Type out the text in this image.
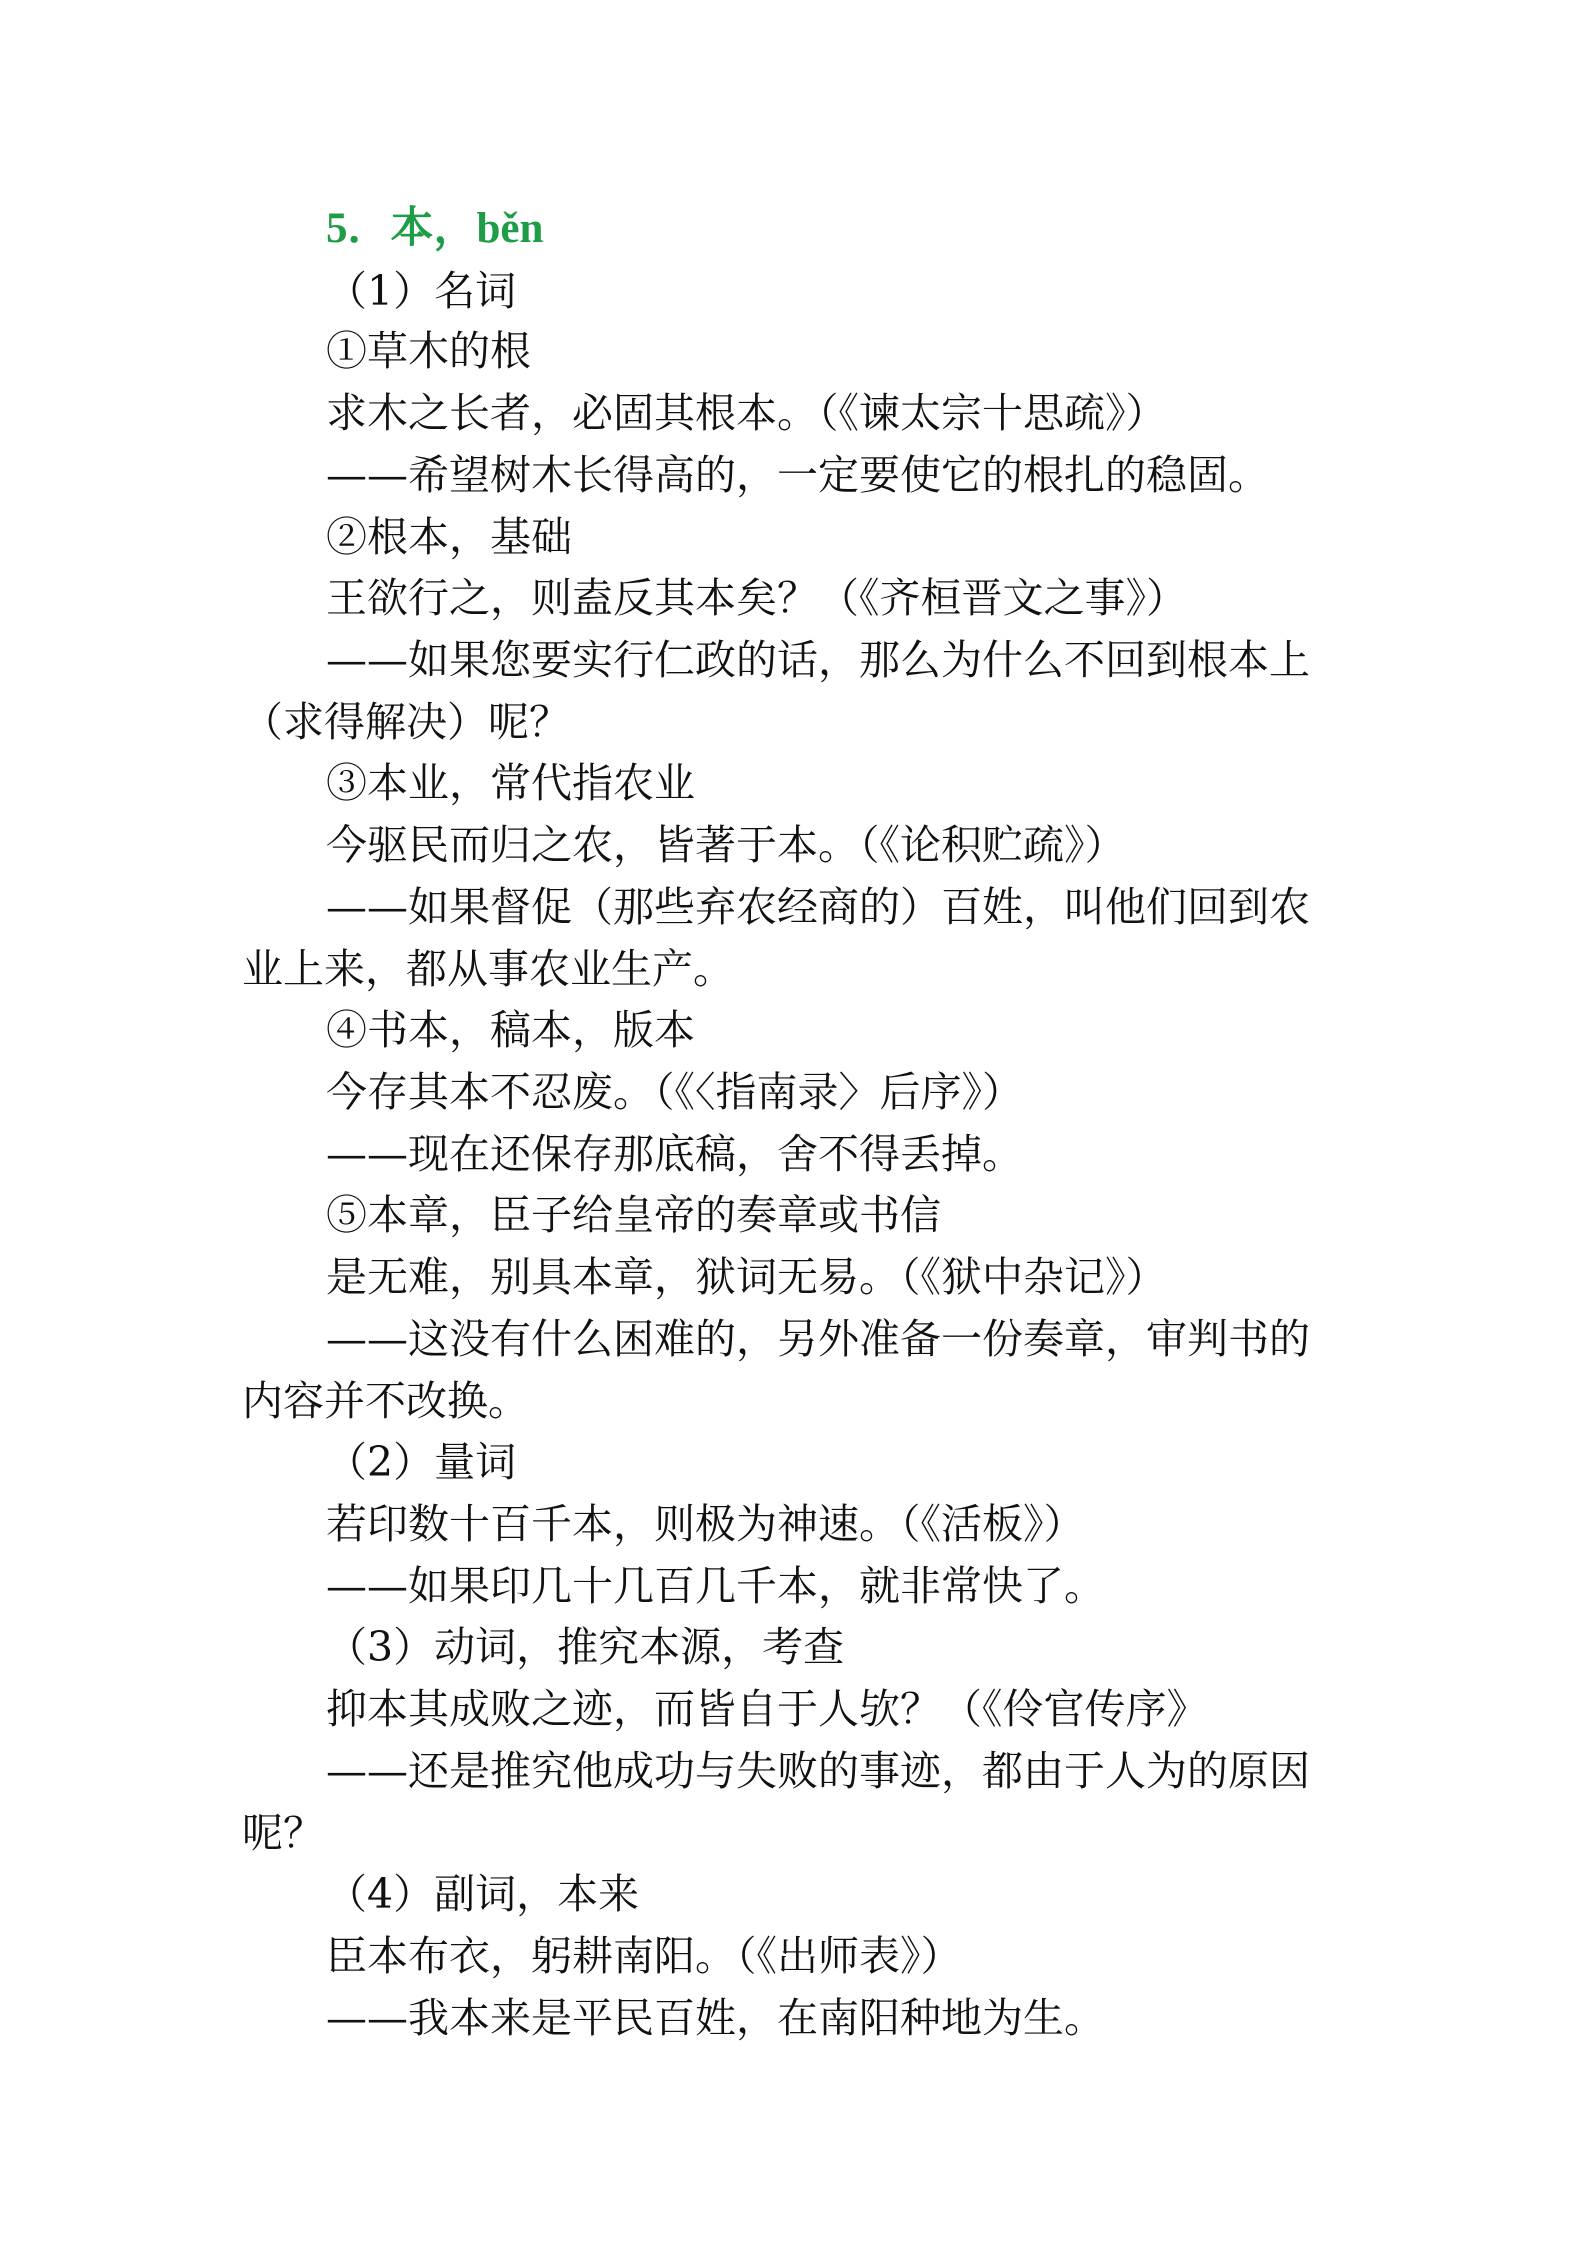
5．本，běn
（1）名词
①草木的根
求木之长者，必固其根本。（《谏太宗十思疏》）
——希望树木长得高的，一定要使它的根扎的稳固。
②根本，基础
王欲行之，则盍反其本矣？（《齐桓晋文之事》）
——如果您要实行仁政的话，那么为什么不回到根本上
（求得解决）呢？
③本业，常代指农业
今驱民而归之农，皆著于本。（《论积贮疏》）
——如果督促（那些弃农经商的）百姓，叫他们回到农
业上来，都从事农业生产。
④书本，稿本，版本
今存其本不忍废。（《〈指南录〉后序》）
——现在还保存那底稿，舍不得丢掉。
⑤本章，臣子给皇帝的奏章或书信
是无难，别具本章，狱词无易。（《狱中杂记》）
——这没有什么困难的，另外准备一份奏章，审判书的
内容并不改换。
（2）量词
若印数十百千本，则极为神速。（《活板》）
——如果印几十几百几千本，就非常快了。
（3）动词，推究本源，考查
抑本其成败之迹，而皆自于人欤？（《伶官传序》
——还是推究他成功与失败的事迹，都由于人为的原因
呢？
（4）副词，本来
臣本布衣，躬耕南阳。（《出师表》）
——我本来是平民百姓，在南阳种地为生。
